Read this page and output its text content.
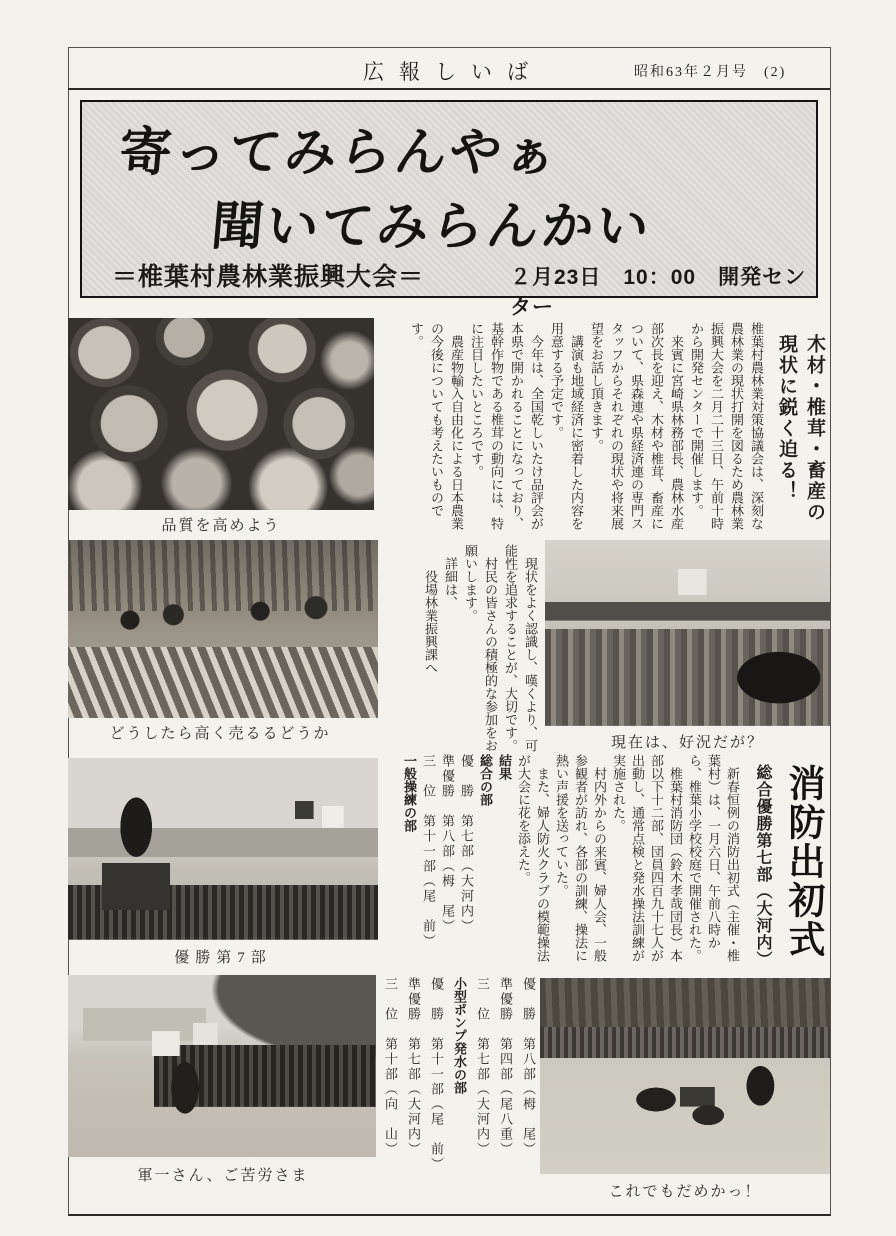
広報しいば	昭和63年２月号　(2)
寄ってみらんやぁ
聞いてみらんかい
＝椎葉村農林業振興大会＝	２月23日　10：00　開発センター
品質を高めよう
どうしたら高く売るるどうか
現在は、好況だが？
優勝第7部
軍一さん、ご苦労さま
これでもだめかっ！

木材・椎茸・畜産の

現状に鋭く迫る！

椎葉村農林業対策協議会は、深刻な農林業の現状打開を図るため農林業振興大会を二月二十三日、午前十時から開発センターで開催します。

来賓に宮崎県林務部長、農林水産部次長を迎え、木材や椎茸、畜産について、県森連や県経済連の専門スタッフからそれぞれの現状や将来展望をお話し頂きます。

講演も地域経済に密着した内容を用意する予定です。

今年は、全国乾しいたけ品評会が本県で開かれることになっており、基幹作物である椎茸の動向には、特に注目したいところです。

農産物輸入自由化による日本農業の今後についても考えたいものです。

現状をよく認識し、嘆くより、可能性を追求することが、大切です。

村民の皆さんの積極的な参加をお願いします。

詳細は、

役場林業振興課へ

消防出初式

総合優勝第七部（大河内）

新春恒例の消防出初式（主催・椎葉村）は、一月六日、午前八時から、椎葉小学校校庭で開催された。

椎葉村消防団（鈴木孝哉団長）本部以下十二部、団員四百九十七人が出動し、通常点検と発水操法訓練が実施された。

村内外からの来賓、婦人会、一般参観者が訪れ、各部の訓練、操法に熱い声援を送っていた。

また、婦人防火クラブの模範操法が大会に花を添えた。

結果

総合の部

優　勝　第七部（大河内）

準優勝　第八部（栂　尾）

三　位　第十一部（尾　前）

一般操練の部

優　勝　第八部（栂　尾）

準優勝　第四部（尾八重）

三　位　第七部（大河内）

小型ポンプ発水の部

優　勝　第十一部（尾　前）

準優勝　第七部（大河内）

三　位　第十部（向　山）
